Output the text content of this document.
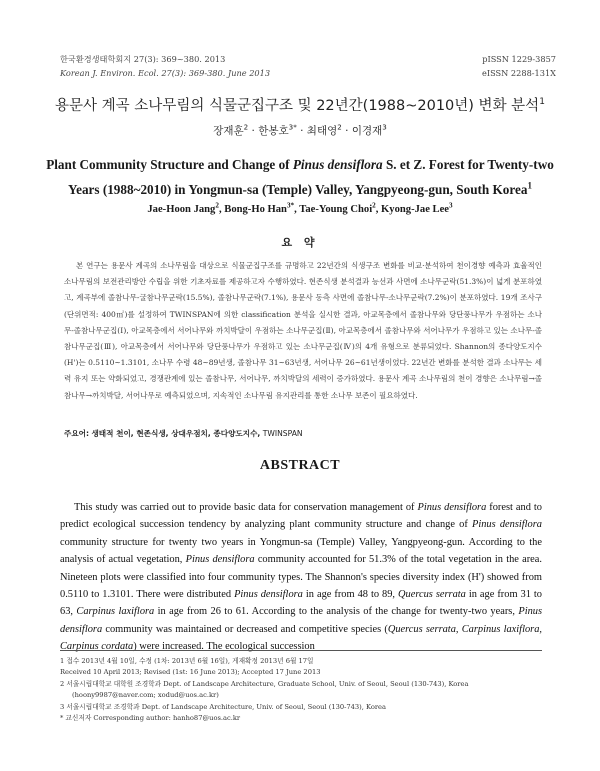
한국환경생태학회지 27(3): 369~380. 2013
Korean J. Environ. Ecol. 27(3): 369-380. June 2013
pISSN 1229-3857
eISSN 2288-131X
용문사 계곡 소나무림의 식물군집구조 및 22년간(1988~2010년) 변화 분석$^1$
장재훈$^2$ · 한봉호$^{3*}$ · 최태영$^2$ · 이경재$^3$
Plant Community Structure and Change of Pinus densiflora S. et Z. Forest for Twenty-two Years (1988~2010) in Yongmun-sa (Temple) Valley, Yangpyeong-gun, South Korea$^1$
Jae-Hoon Jang$^2$, Bong-Ho Han$^{3*}$, Tae-Young Choi$^2$, Kyong-Jae Lee$^3$
요 약
본 연구는 용문사 계곡의 소나무림을 대상으로 식물군집구조를 규명하고 22년간의 식생구조 변화를 비교·분석하여 천이경향 예측과 효율적인 소나무림의 보전관리방안 수립을 위한 기초자료를 제공하고자 수행하였다. 현존식생 분석결과 능선과 사면에 소나무군락(51.3%)이 넓게 분포하였고, 계곡부에 졸참나무-굴참나무군락(15.5%), 졸참나무군락(7.1%), 용문사 동측 사면에 졸참나무-소나무군락(7.2%)이 분포하였다. 19개 조사구(단위면적: 400㎡)를 설정하여 TWINSPAN에 의한 classification 분석을 실시한 결과, 아교목층에서 졸참나무와 당단풍나무가 우점하는 소나무-졸참나무군집(Ⅰ), 아교목층에서 서어나무와 까치박달이 우점하는 소나무군집(Ⅱ), 아교목층에서 졸참나무와 서어나무가 우점하고 있는 소나무-졸참나무군집(Ⅲ), 아교목층에서 서어나무와 당단풍나무가 우점하고 있는 소나무군집(Ⅳ)의 4개 유형으로 분류되었다. Shannon의 종다양도지수(H')는 0.5110~1.3101, 소나무 수령 48~89년생, 졸참나무 31~63년생, 서어나무 26~61년생이었다. 22년간 변화를 분석한 결과 소나무는 세력 유지 또는 약화되었고, 경쟁관계에 있는 졸참나무, 서어나무, 까치박달의 세력이 증가하였다. 용문사 계곡 소나무림의 천이 경향은 소나무림→졸참나무→까치박달, 서어나무로 예측되었으며, 지속적인 소나무림 유지관리를 통한 소나무 보존이 필요하였다.
주요어: 생태적 천이, 현존식생, 상대우점치, 종다양도지수, TWINSPAN
ABSTRACT
This study was carried out to provide basic data for conservation management of Pinus densiflora forest and to predict ecological succession tendency by analyzing plant community structure and change of Pinus densiflora community structure for twenty two years in Yongmun-sa (Temple) Valley, Yangpyeong-gun. According to the analysis of actual vegetation, Pinus densiflora community accounted for 51.3% of the total vegetation in the area. Nineteen plots were classified into four community types. The Shannon's species diversity index (H') showed from 0.5110 to 1.3101. There were distributed Pinus densiflora in age from 48 to 89, Quercus serrata in age from 31 to 63, Carpinus laxiflora in age from 26 to 61. According to the analysis of the change for twenty-two years, Pinus densiflora community was maintained or decreased and competitive species (Quercus serrata, Carpinus laxiflora, Carpinus cordata) were increased. The ecological succession
1 접수 2013년 4월 10일, 수정 (1차: 2013년 6월 16일), 게재확정 2013년 6월 17일
Received 10 April 2013; Revised (1st: 16 June 2013); Accepted 17 June 2013
2 서울시립대학교 대학원 조경학과 Dept. of Landscape Architecture, Graduate School, Univ. of Seoul, Seoul (130-743), Korea (hoony9987@naver.com; xodud@uos.ac.kr)
3 서울시립대학교 조경학과 Dept. of Landscape Architecture, Univ. of Seoul, Seoul (130-743), Korea
* 교신저자 Corresponding author: hanho87@uos.ac.kr
